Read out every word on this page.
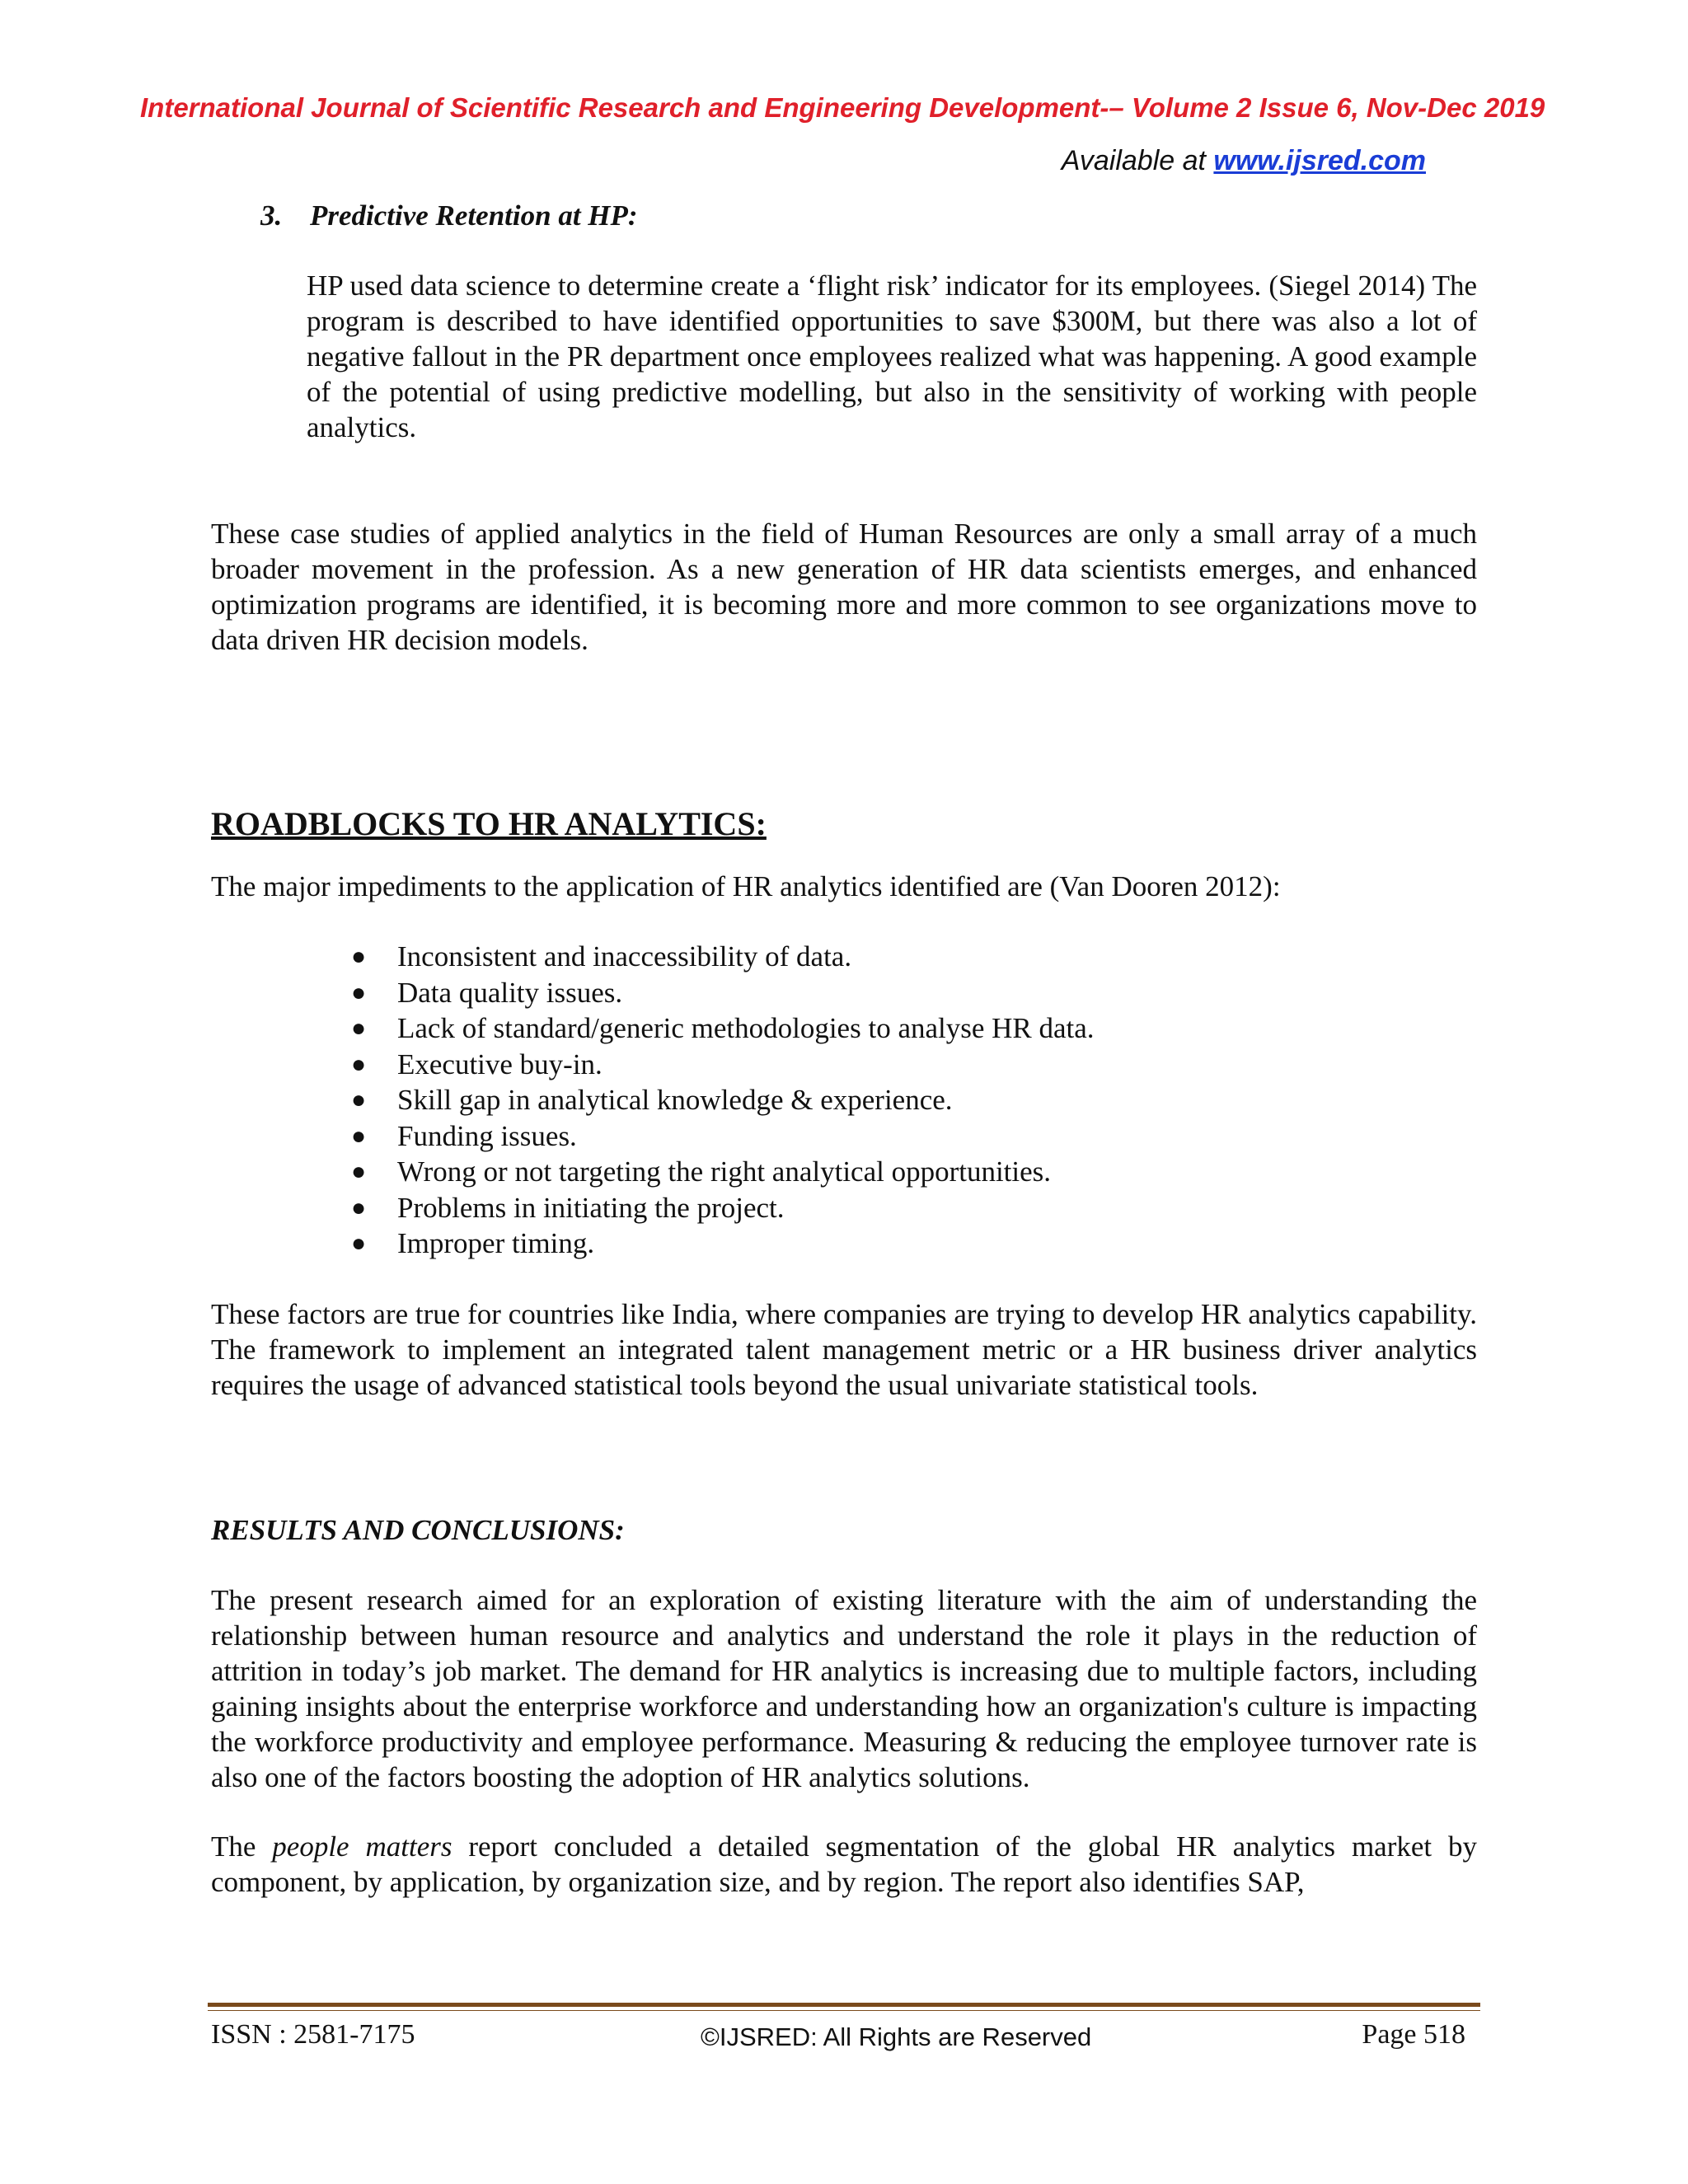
International Journal of Scientific Research and Engineering Development-– Volume 2 Issue 6, Nov-Dec 2019
Available at www.ijsred.com
3. Predictive Retention at HP:

HP used data science to determine create a ‘flight risk’ indicator for its employees. (Siegel 2014) The program is described to have identified opportunities to save $300M, but there was also a lot of negative fallout in the PR department once employees realized what was happening. A good example of the potential of using predictive modelling, but also in the sensitivity of working with people analytics.

These case studies of applied analytics in the field of Human Resources are only a small array of a much broader movement in the profession. As a new generation of HR data scientists emerges, and enhanced optimization programs are identified, it is becoming more and more common to see organizations move to data driven HR decision models.

ROADBLOCKS TO HR ANALYTICS:

The major impediments to the application of HR analytics identified are (Van Dooren 2012):

● Inconsistent and inaccessibility of data.
● Data quality issues.
● Lack of standard/generic methodologies to analyse HR data.
● Executive buy-in.
● Skill gap in analytical knowledge & experience.
● Funding issues.
● Wrong or not targeting the right analytical opportunities.
● Problems in initiating the project.
● Improper timing.

These factors are true for countries like India, where companies are trying to develop HR analytics capability. The framework to implement an integrated talent management metric or a HR business driver analytics requires the usage of advanced statistical tools beyond the usual univariate statistical tools.

RESULTS AND CONCLUSIONS:

The present research aimed for an exploration of existing literature with the aim of understanding the relationship between human resource and analytics and understand the role it plays in the reduction of attrition in today’s job market. The demand for HR analytics is increasing due to multiple factors, including gaining insights about the enterprise workforce and understanding how an organization's culture is impacting the workforce productivity and employee performance. Measuring & reducing the employee turnover rate is also one of the factors boosting the adoption of HR analytics solutions.

The people matters report concluded a detailed segmentation of the global HR analytics market by component, by application, by organization size, and by region. The report also identifies SAP,

ISSN : 2581-7175	©IJSRED: All Rights are Reserved	Page 518
